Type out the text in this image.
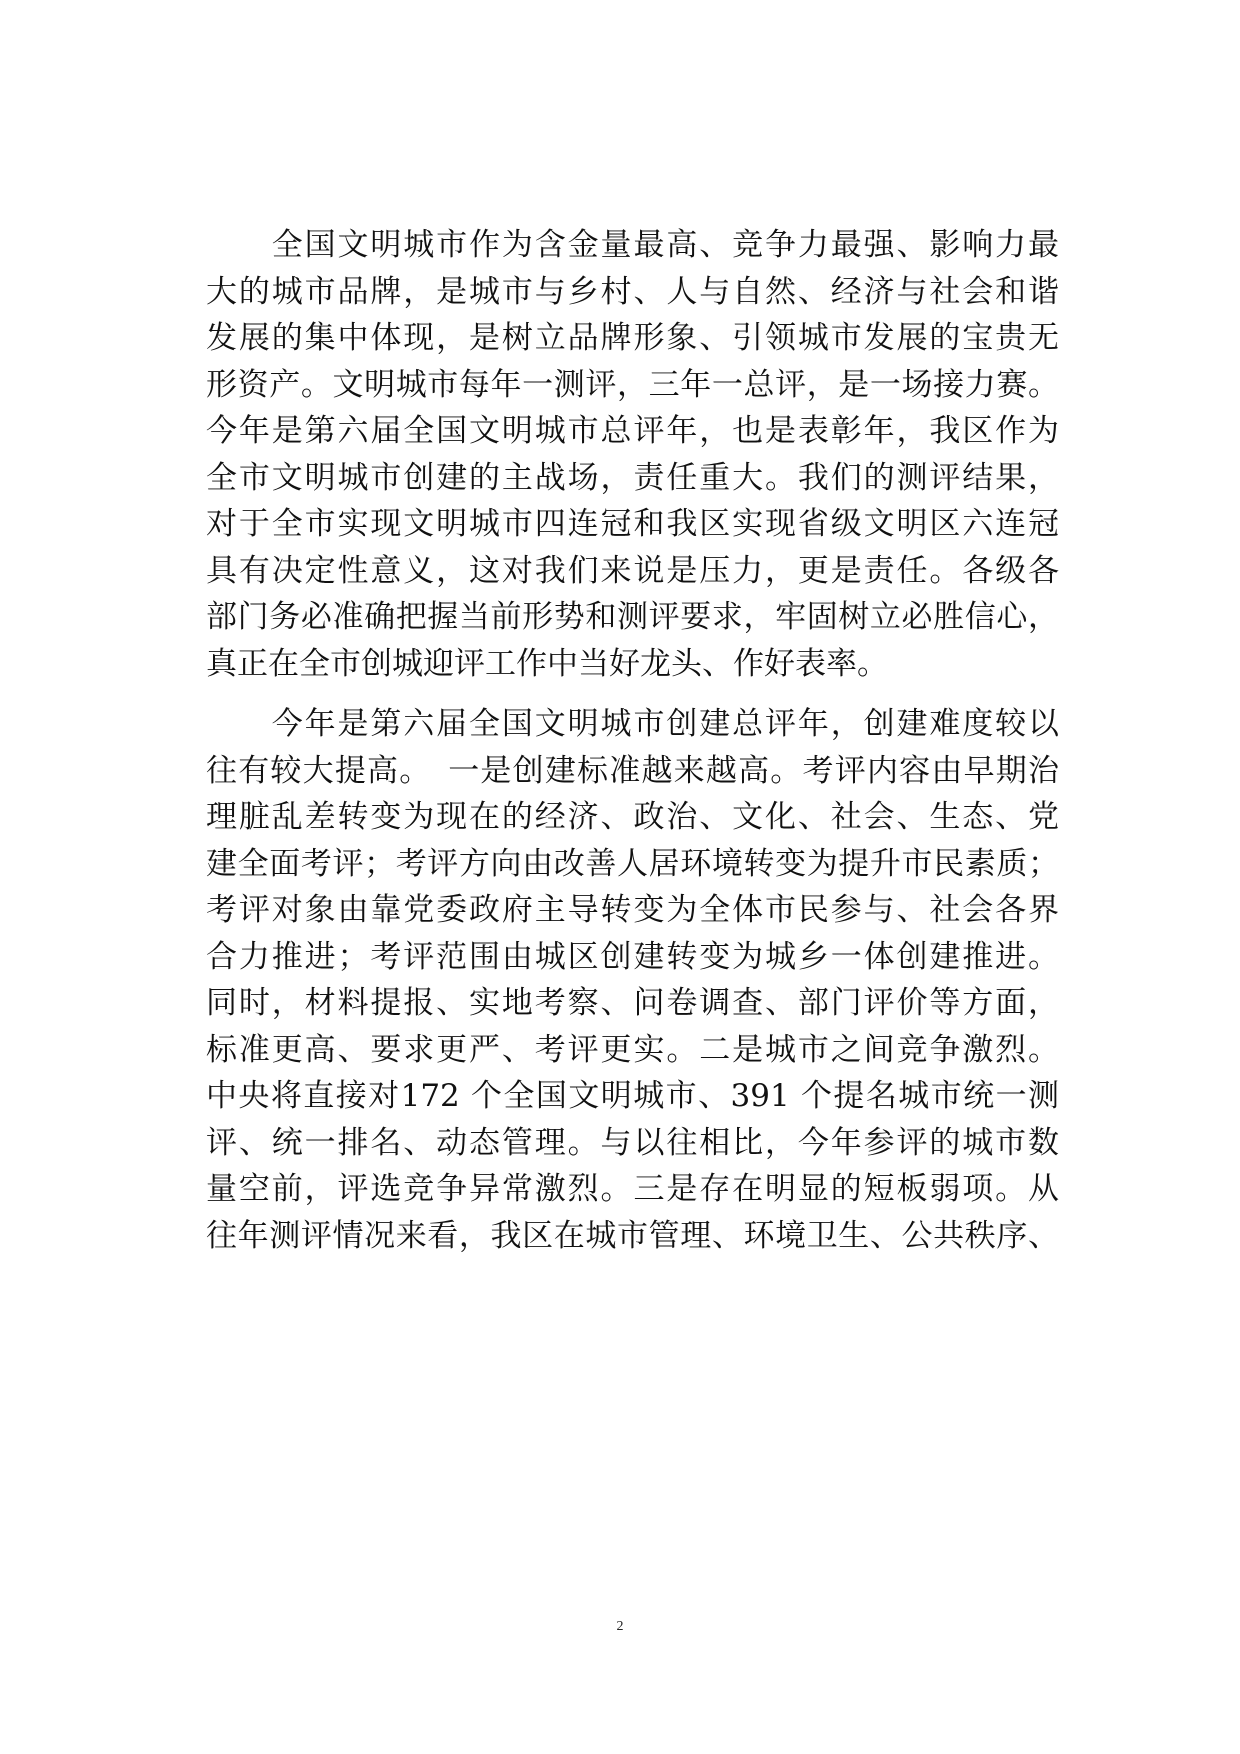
　　全国文明城市作为含金量最高、竞争力最强、影响力最
大的城市品牌，是城市与乡村、人与自然、经济与社会和谐
发展的集中体现，是树立品牌形象、引领城市发展的宝贵无
形资产。文明城市每年一测评，三年一总评，是一场接力赛。
今年是第六届全国文明城市总评年，也是表彰年，我区作为
全市文明城市创建的主战场，责任重大。我们的测评结果，
对于全市实现文明城市四连冠和我区实现省级文明区六连冠
具有决定性意义，这对我们来说是压力，更是责任。各级各
部门务必准确把握当前形势和测评要求，牢固树立必胜信心，
真正在全市创城迎评工作中当好龙头、作好表率。
　　今年是第六届全国文明城市创建总评年，创建难度较以
往有较大提高。　一是创建标准越来越高。考评内容由早期治
理脏乱差转变为现在的经济、政治、文化、社会、生态、党
建全面考评；考评方向由改善人居环境转变为提升市民素质；
考评对象由靠党委政府主导转变为全体市民参与、社会各界
合力推进；考评范围由城区创建转变为城乡一体创建推进。
同时，材料提报、实地考察、问卷调查、部门评价等方面，
标准更高、要求更严、考评更实。二是城市之间竞争激烈。
中央将直接对172 个全国文明城市、391 个提名城市统一测
评、统一排名、动态管理。与以往相比，今年参评的城市数
量空前，评选竞争异常激烈。三是存在明显的短板弱项。从
往年测评情况来看，我区在城市管理、环境卫生、公共秩序、
2
